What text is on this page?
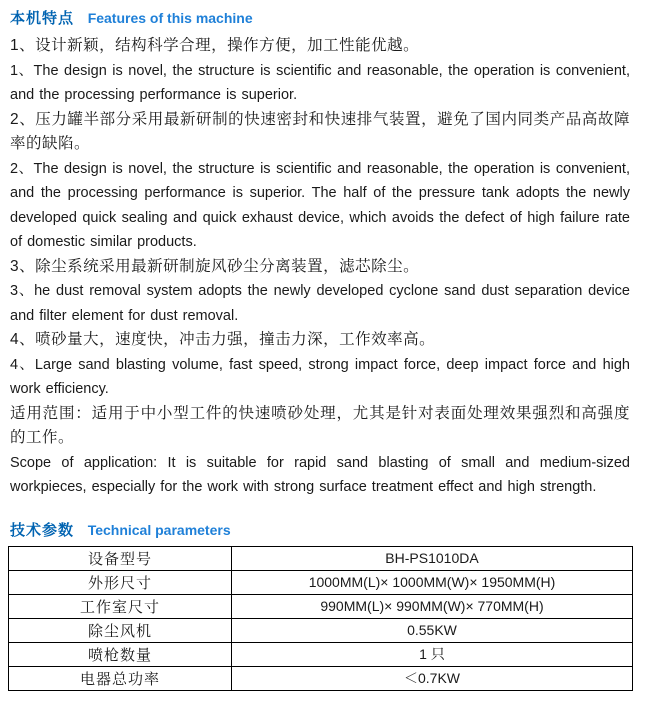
本机特点 Features of this machine

1、设计新颖，结构科学合理，操作方便，加工性能优越。

1、The design is novel, the structure is scientific and reasonable, the operation is convenient, and the processing performance is superior.

2、压力罐半部分采用最新研制的快速密封和快速排气装置，避免了国内同类产品高故障率的缺陷。

2、The design is novel, the structure is scientific and reasonable, the operation is convenient, and the processing performance is superior. The half of the pressure tank adopts the newly developed quick sealing and quick exhaust device, which avoids the defect of high failure rate of domestic similar products.

3、除尘系统采用最新研制旋风砂尘分离装置，滤芯除尘。

3、he dust removal system adopts the newly developed cyclone sand dust separation device and filter element for dust removal.

4、喷砂量大，速度快，冲击力强，撞击力深，工作效率高。

4、Large sand blasting volume, fast speed, strong impact force, deep impact force and high work efficiency.

适用范围：适用于中小型工件的快速喷砂处理，尤其是针对表面处理效果强烈和高强度的工作。

Scope of application: It is suitable for rapid sand blasting of small and medium-sized workpieces, especially for the work with strong surface treatment effect and high strength.

技术参数 Technical parameters
设备型号	BH-PS1010DA
外形尺寸	1000MM(L)× 1000MM(W)× 1950MM(H)
工作室尺寸	990MM(L)× 990MM(W)× 770MM(H)
除尘风机	0.55KW
喷枪数量	1 只
电器总功率	＜0.7KW
